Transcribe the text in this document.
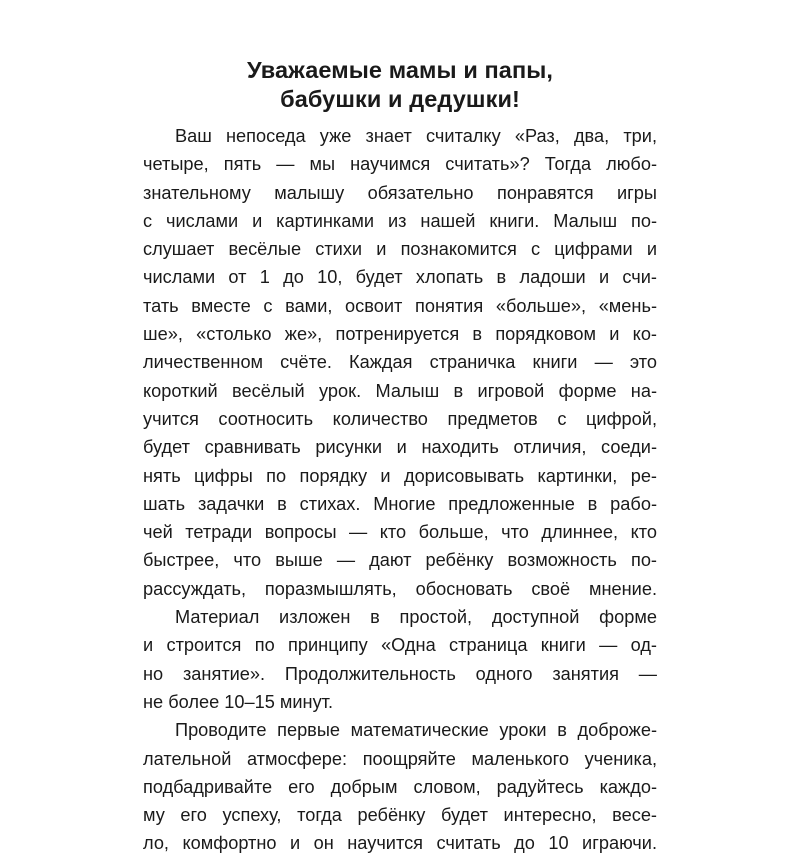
Уважаемые мамы и папы,
бабушки и дедушки!
Ваш непоседа уже знает считалку «Раз, два, три,
четыре, пять — мы научимся считать»? Тогда любо-
знательному малышу обязательно понравятся игры
с числами и картинками из нашей книги. Малыш по-
слушает весёлые стихи и познакомится с цифрами и
числами от 1 до 10, будет хлопать в ладоши и счи-
тать вместе с вами, освоит понятия «больше», «мень-
ше», «столько же», потренируется в порядковом и ко-
личественном счёте. Каждая страничка книги — это
короткий весёлый урок. Малыш в игровой форме на-
учится соотносить количество предметов с цифрой,
будет сравнивать рисунки и находить отличия, соеди-
нять цифры по порядку и дорисовывать картинки, ре-
шать задачки в стихах. Многие предложенные в рабо-
чей тетради вопросы — кто больше, что длиннее, кто
быстрее, что выше — дают ребёнку возможность по-
рассуждать, поразмышлять, обосновать своё мнение.
Материал изложен в простой, доступной форме
и строится по принципу «Одна страница книги — од-
но занятие». Продолжительность одного занятия —
не более 10–15 минут.
Проводите первые математические уроки в доброже-
лательной атмосфере: поощряйте маленького ученика,
подбадривайте его добрым словом, радуйтесь каждо-
му его успеху, тогда ребёнку будет интересно, весе-
ло, комфортно и он научится считать до 10 играючи.
